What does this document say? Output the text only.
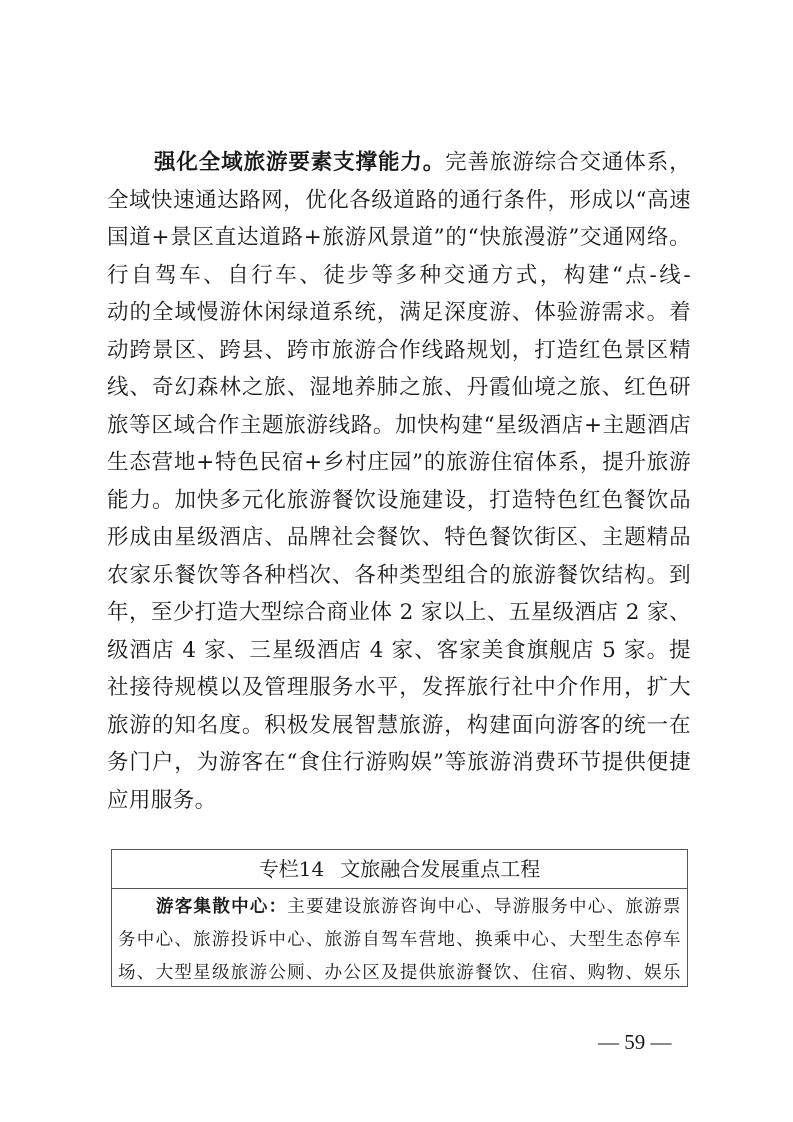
强化全域旅游要素支撑能力。完善旅游综合交通体系，
全域快速通达路网，优化各级道路的通行条件，形成以“高速
国道+景区直达道路+旅游风景道”的“快旅漫游”交通网络。
行自驾车、自行车、徒步等多种交通方式，构建“点-线-
动的全域慢游休闲绿道系统，满足深度游、体验游需求。着
动跨景区、跨县、跨市旅游合作线路规划，打造红色景区精
线、奇幻森林之旅、湿地养肺之旅、丹霞仙境之旅、红色研
旅等区域合作主题旅游线路。加快构建“星级酒店+主题酒店
生态营地+特色民宿+乡村庄园”的旅游住宿体系，提升旅游
能力。加快多元化旅游餐饮设施建设，打造特色红色餐饮品
形成由星级酒店、品牌社会餐饮、特色餐饮街区、主题精品
农家乐餐饮等各种档次、各种类型组合的旅游餐饮结构。到
年，至少打造大型综合商业体 2 家以上、五星级酒店 2 家、
级酒店 4 家、三星级酒店 4 家、客家美食旗舰店 5 家。提
社接待规模以及管理服务水平，发挥旅行社中介作用，扩大
旅游的知名度。积极发展智慧旅游，构建面向游客的统一在
务门户，为游客在“食住行游购娱”等旅游消费环节提供便捷
应用服务。
专栏14 文旅融合发展重点工程
游客集散中心：主要建设旅游咨询中心、导游服务中心、旅游票
务中心、旅游投诉中心、旅游自驾车营地、换乘中心、大型生态停车
场、大型星级旅游公厕、办公区及提供旅游餐饮、住宿、购物、娱乐
— 59 —
